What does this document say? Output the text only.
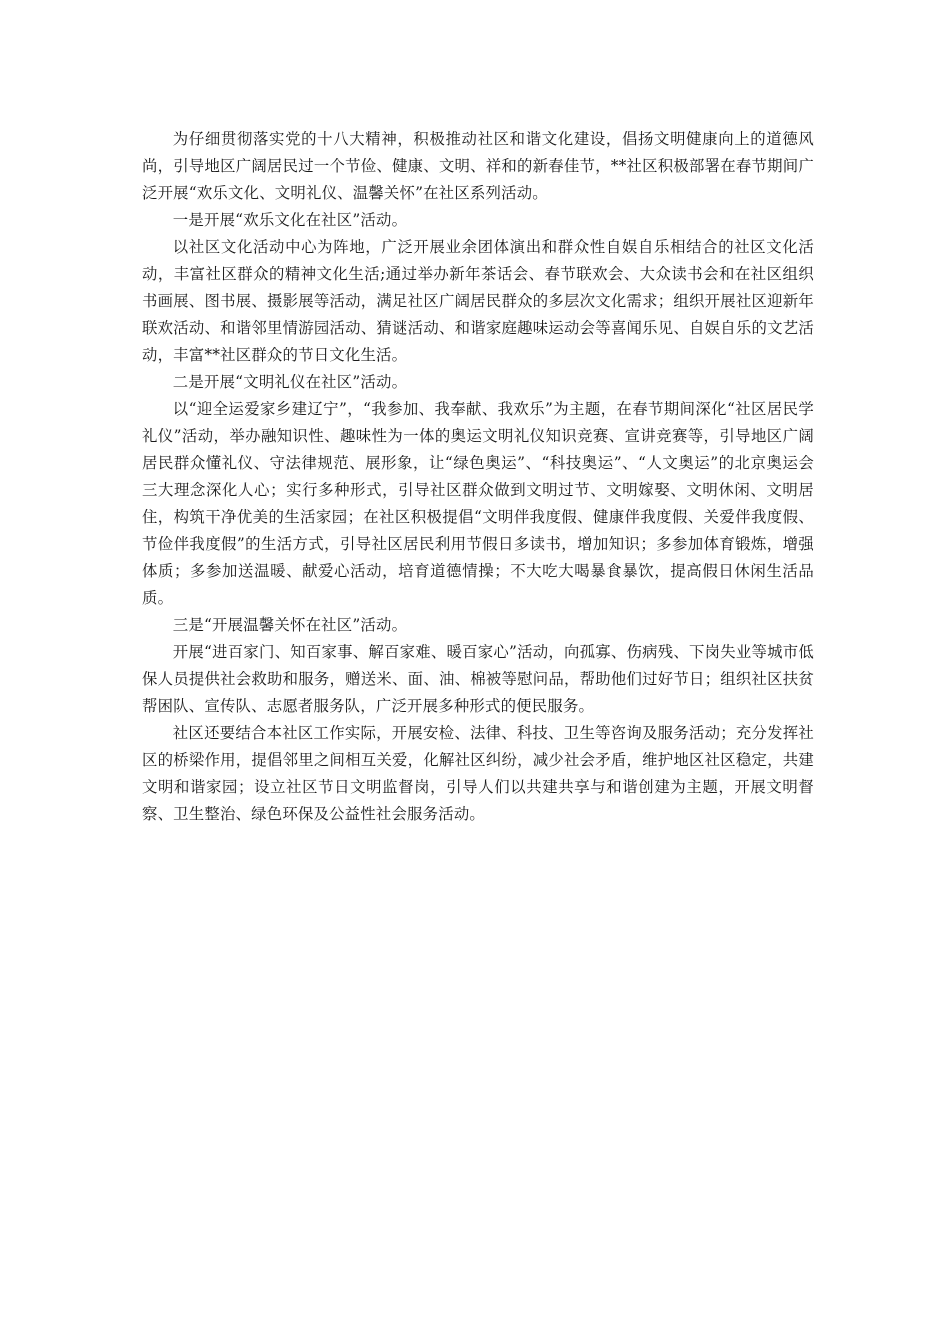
为仔细贯彻落实党的十八大精神，积极推动社区和谐文化建设，倡扬文明健康向上的道德风尚，引导地区广阔居民过一个节俭、健康、文明、祥和的新春佳节，**社区积极部署在春节期间广泛开展“欢乐文化、文明礼仪、温馨关怀”在社区系列活动。

一是开展“欢乐文化在社区”活动。

以社区文化活动中心为阵地，广泛开展业余团体演出和群众性自娱自乐相结合的社区文化活动，丰富社区群众的精神文化生活;通过举办新年茶话会、春节联欢会、大众读书会和在社区组织书画展、图书展、摄影展等活动，满足社区广阔居民群众的多层次文化需求；组织开展社区迎新年联欢活动、和谐邻里情游园活动、猜谜活动、和谐家庭趣味运动会等喜闻乐见、自娱自乐的文艺活动，丰富**社区群众的节日文化生活。

二是开展“文明礼仪在社区”活动。

以“迎全运爱家乡建辽宁”，“我参加、我奉献、我欢乐”为主题，在春节期间深化“社区居民学礼仪”活动，举办融知识性、趣味性为一体的奥运文明礼仪知识竞赛、宣讲竞赛等，引导地区广阔居民群众懂礼仪、守法律规范、展形象，让“绿色奥运”、“科技奥运”、“人文奥运”的北京奥运会三大理念深化人心；实行多种形式，引导社区群众做到文明过节、文明嫁娶、文明休闲、文明居住，构筑干净优美的生活家园；在社区积极提倡“文明伴我度假、健康伴我度假、关爱伴我度假、节俭伴我度假”的生活方式，引导社区居民利用节假日多读书，增加知识；多参加体育锻炼，增强体质；多参加送温暖、献爱心活动，培育道德情操；不大吃大喝暴食暴饮，提高假日休闲生活品质。

三是“开展温馨关怀在社区”活动。

开展“进百家门、知百家事、解百家难、暖百家心”活动，向孤寡、伤病残、下岗失业等城市低保人员提供社会救助和服务，赠送米、面、油、棉被等慰问品，帮助他们过好节日；组织社区扶贫帮困队、宣传队、志愿者服务队，广泛开展多种形式的便民服务。

社区还要结合本社区工作实际，开展安检、法律、科技、卫生等咨询及服务活动；充分发挥社区的桥梁作用，提倡邻里之间相互关爱，化解社区纠纷，减少社会矛盾，维护地区社区稳定，共建文明和谐家园；设立社区节日文明监督岗，引导人们以共建共享与和谐创建为主题，开展文明督察、卫生整治、绿色环保及公益性社会服务活动。
